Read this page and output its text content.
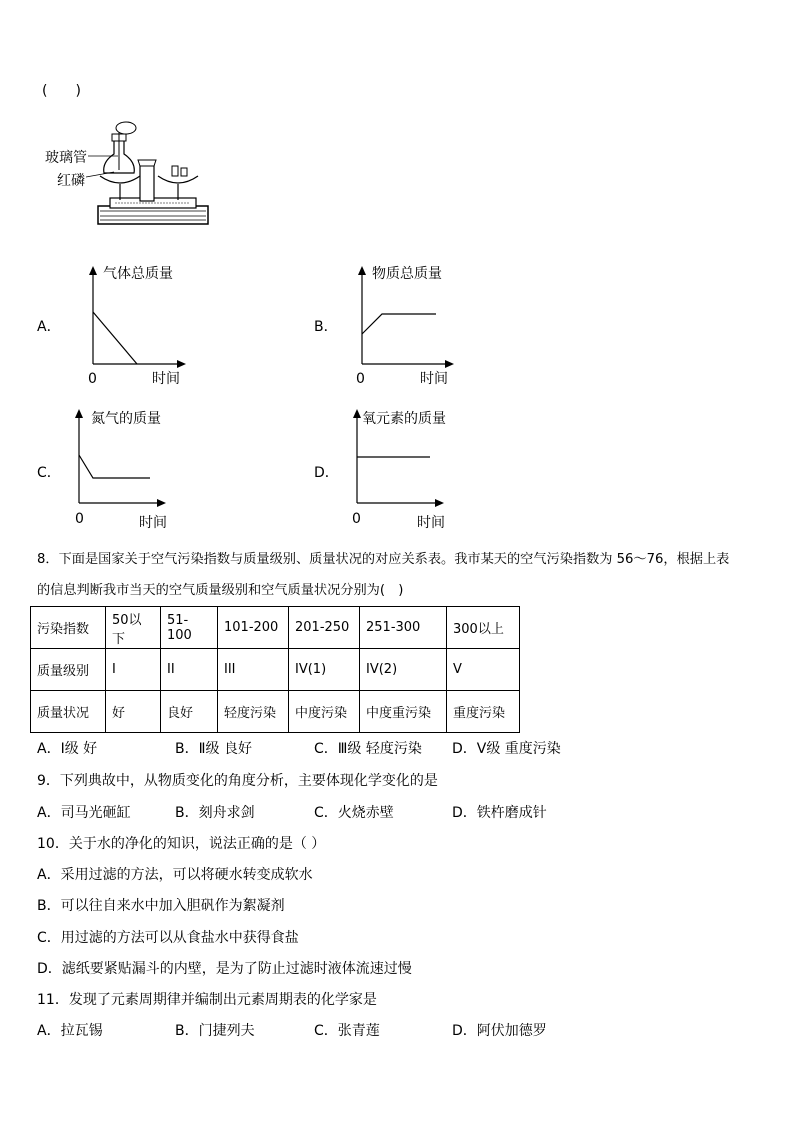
(　　)
玻璃管
红磷
A．
气体总质量
0	时间
B．
物质总质量
0	时间
C．
氮气的质量
0	时间
D．
氧元素的质量
0	时间
8．下面是国家关于空气污染指数与质量级别、质量状况的对应关系表。我市某天的空气污染指数为 56～76，根据上表
的信息判断我市当天的空气质量级别和空气质量状况分别为(　)
污染指数	50以下	51-100	101-200	201-250	251-300	300以上
质量级别	I	II	III	IV(1)	IV(2)	V
质量状况	好	良好	轻度污染	中度污染	中度重污染	重度污染
A．Ⅰ级 好	B．Ⅱ级 良好	C．Ⅲ级 轻度污染 D．Ⅴ级 重度污染
9．下列典故中，从物质变化的角度分析，主要体现化学变化的是
A．司马光砸缸	B．刻舟求剑	C．火烧赤壁	D．铁杵磨成针
10．关于水的净化的知识，说法正确的是（ ）
A．采用过滤的方法，可以将硬水转变成软水
B．可以往自来水中加入胆矾作为絮凝剂
C．用过滤的方法可以从食盐水中获得食盐
D．滤纸要紧贴漏斗的内壁，是为了防止过滤时液体流速过慢
11．发现了元素周期律并编制出元素周期表的化学家是
A．拉瓦锡	B．门捷列夫	C．张青莲	D．阿伏加德罗
